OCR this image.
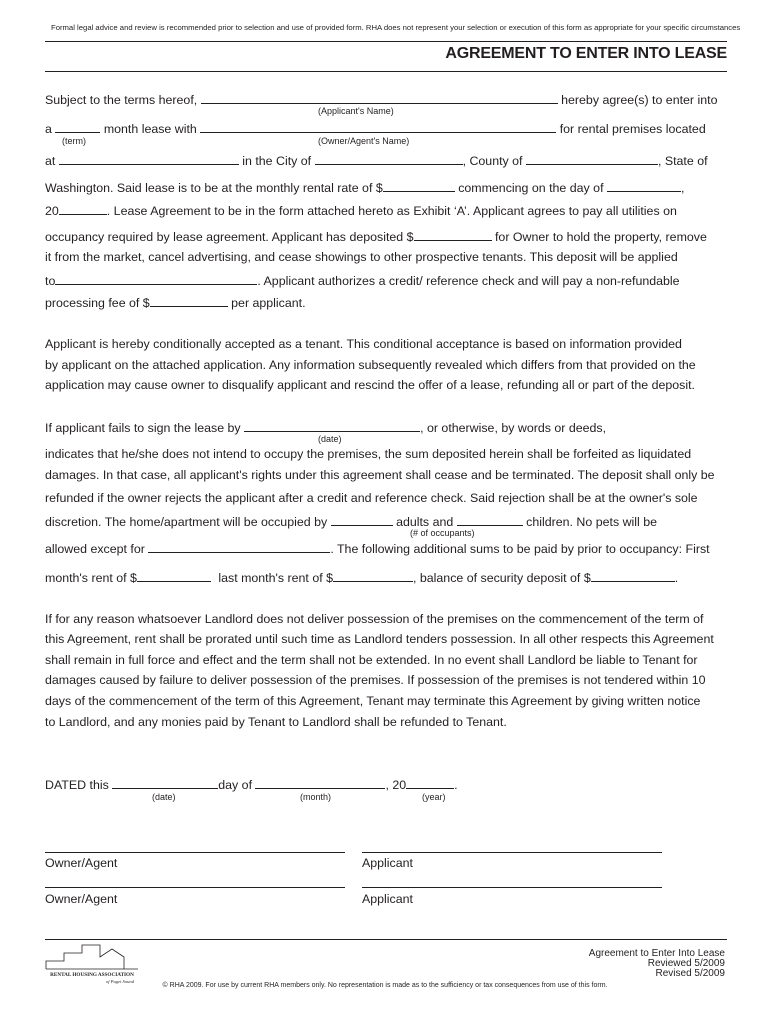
Formal legal advice and review is recommended prior to selection and use of provided form. RHA does not represent your selection or execution of this form as appropriate for your specific circumstances
AGREEMENT TO ENTER INTO LEASE
Subject to the terms hereof,	hereby agree(s) to enter into
(Applicant's Name)
a	month lease with	for rental premises located
(term)	(Owner/Agent's Name)
at	in the City of	, County of	, State of
Washington. Said lease is to be at the monthly rental rate of $	commencing on the day of	,
20	. Lease Agreement to be in the form attached hereto as Exhibit ‘A’. Applicant agrees to pay all utilities on
occupancy required by lease agreement. Applicant has deposited $	for Owner to hold the property, remove
it from the market, cancel advertising, and cease showings to other prospective tenants. This deposit will be applied
to	. Applicant authorizes a credit/ reference check and will pay a non-refundable
processing fee of $	per applicant.
Applicant is hereby conditionally accepted as a tenant. This conditional acceptance is based on information provided
by applicant on the attached application. Any information subsequently revealed which differs from that provided on the
application may cause owner to disqualify applicant and rescind the offer of a lease, refunding all or part of the deposit.
If applicant fails to sign the lease by	, or otherwise, by words or deeds,
(date)
indicates that he/she does not intend to occupy the premises, the sum deposited herein shall be forfeited as liquidated
damages. In that case, all applicant's rights under this agreement shall cease and be terminated. The deposit shall only be
refunded if the owner rejects the applicant after a credit and reference check. Said rejection shall be at the owner's sole
discretion. The home/apartment will be occupied by	adults and	children. No pets will be
(# of occupants)
allowed except for	. The following additional sums to be paid by prior to occupancy: First
month's rent of $	last month's rent of $	, balance of security deposit of $	.
If for any reason whatsoever Landlord does not deliver possession of the premises on the commencement of the term of
this Agreement, rent shall be prorated until such time as Landlord tenders possession. In all other respects this Agreement
shall remain in full force and effect and the term shall not be extended. In no event shall Landlord be liable to Tenant for
damages caused by failure to deliver possession of the premises. If possession of the premises is not tendered within 10
days of the commencement of the term of this Agreement, Tenant may terminate this Agreement by giving written notice
to Landlord, and any monies paid by Tenant to Landlord shall be refunded to Tenant.
DATED this	day of	, 20	.
(date)	(month)	(year)
Owner/Agent	Applicant
Owner/Agent	Applicant
RENTAL HOUSING ASSOCIATION
of Puget Sound
Agreement to Enter Into Lease
Reviewed 5/2009
Revised 5/2009
© RHA 2009. For use by current RHA members only. No representation is made as to the sufficiency or tax consequences from use of this form.
